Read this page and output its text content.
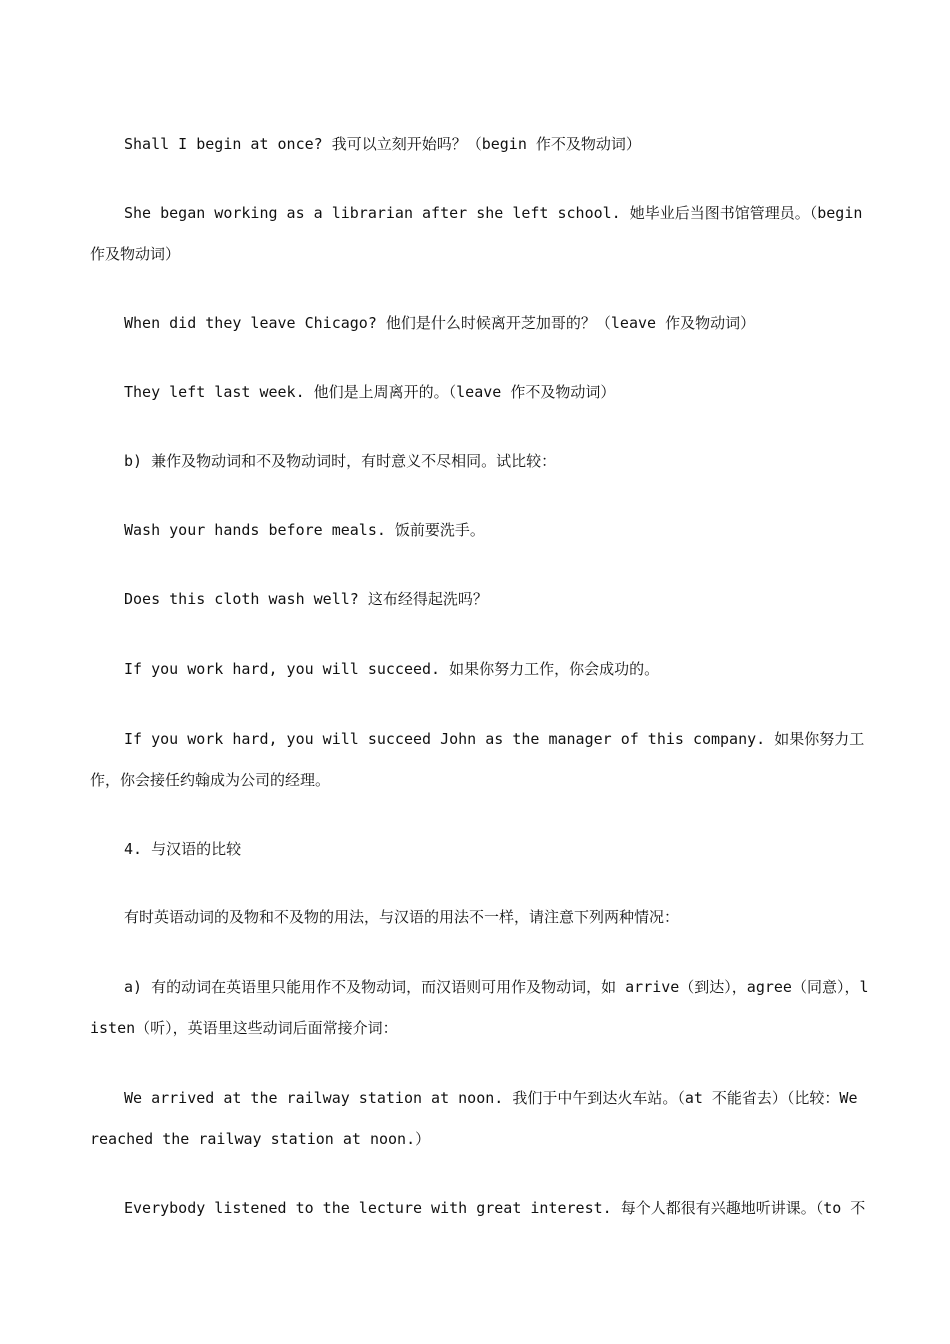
Shall I begin at once? 我可以立刻开始吗？（begin 作不及物动词）

She began working as a librarian after she left school. 她毕业后当图书馆管理员。（begin 作及物动词）

When did they leave Chicago? 他们是什么时候离开芝加哥的？（leave 作及物动词）

They left last week. 他们是上周离开的。（leave 作不及物动词）

b) 兼作及物动词和不及物动词时，有时意义不尽相同。试比较：

Wash your hands before meals. 饭前要洗手。

Does this cloth wash well? 这布经得起洗吗？

If you work hard, you will succeed. 如果你努力工作，你会成功的。

If you work hard, you will succeed John as the manager of this company. 如果你努力工作，你会接任约翰成为公司的经理。

4. 与汉语的比较

有时英语动词的及物和不及物的用法，与汉语的用法不一样，请注意下列两种情况：

a) 有的动词在英语里只能用作不及物动词，而汉语则可用作及物动词，如 arrive（到达），agree（同意），listen（听），英语里这些动词后面常接介词：

We arrived at the railway station at noon. 我们于中午到达火车站。（at 不能省去）（比较：We reached the railway station at noon.）

Everybody listened to the lecture with great interest. 每个人都很有兴趣地听讲课。（to 不
